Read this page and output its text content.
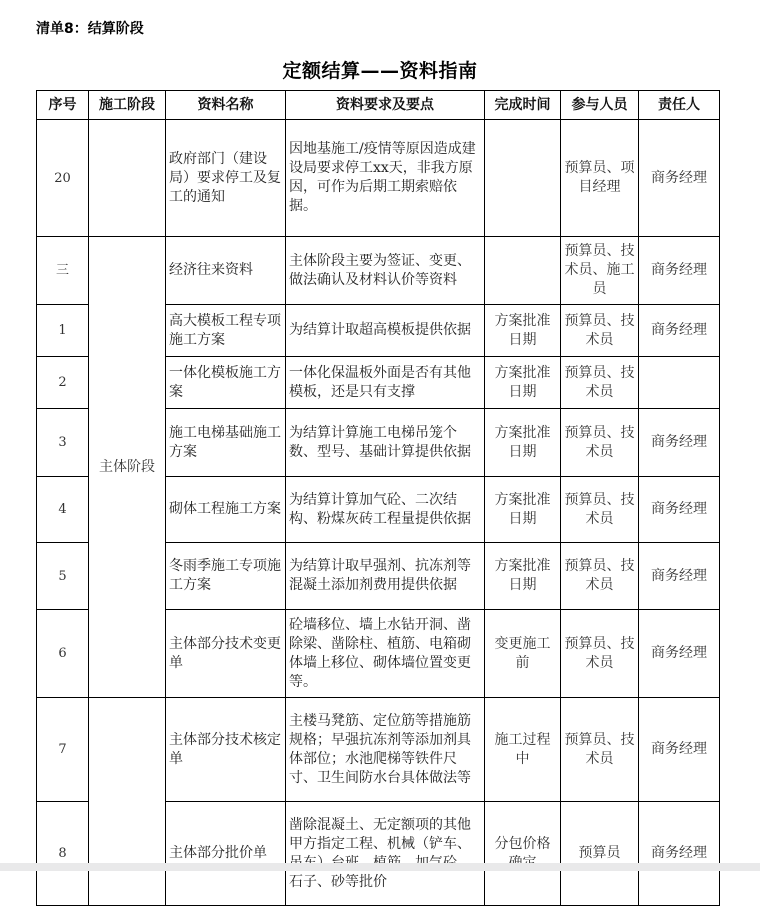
清单8：结算阶段
定额结算——资料指南
序号	施工阶段	资料名称	资料要求及要点	完成时间	参与人员	责任人
20		政府部门（建设局）要求停工及复工的通知	因地基施工/疫情等原因造成建设局要求停工xx天，非我方原因，可作为后期工期索赔依据。		预算员、项目经理	商务经理
三	主体阶段	经济往来资料	主体阶段主要为签证、变更、做法确认及材料认价等资料		预算员、技术员、施工员	商务经理
1		高大模板工程专项施工方案	为结算计取超高模板提供依据	方案批准日期	预算员、技术员	商务经理
2		一体化模板施工方案	一体化保温板外面是否有其他模板，还是只有支撑	方案批准日期	预算员、技术员	
3		施工电梯基础施工方案	为结算计算施工电梯吊笼个数、型号、基础计算提供依据	方案批准日期	预算员、技术员	商务经理
4		砌体工程施工方案	为结算计算加气砼、二次结构、粉煤灰砖工程量提供依据	方案批准日期	预算员、技术员	商务经理
5		冬雨季施工专项施工方案	为结算计取早强剂、抗冻剂等混凝土添加剂费用提供依据	方案批准日期	预算员、技术员	商务经理
6		主体部分技术变更单	砼墙移位、墙上水钻开洞、凿除梁、凿除柱、植筋、电箱砌体墙上移位、砌体墙位置变更等。	变更施工前	预算员、技术员	商务经理
7		主体部分技术核定单	主楼马凳筋、定位筋等措施筋规格；早强抗冻剂等添加剂具体部位；水池爬梯等铁件尺寸、卫生间防水台具体做法等	施工过程中	预算员、技术员	商务经理
8		主体部分批价单	凿除混凝土、无定额项的其他甲方指定工程、机械（铲车、 石子、砂等批价	分包价格	预算员	商务经理
